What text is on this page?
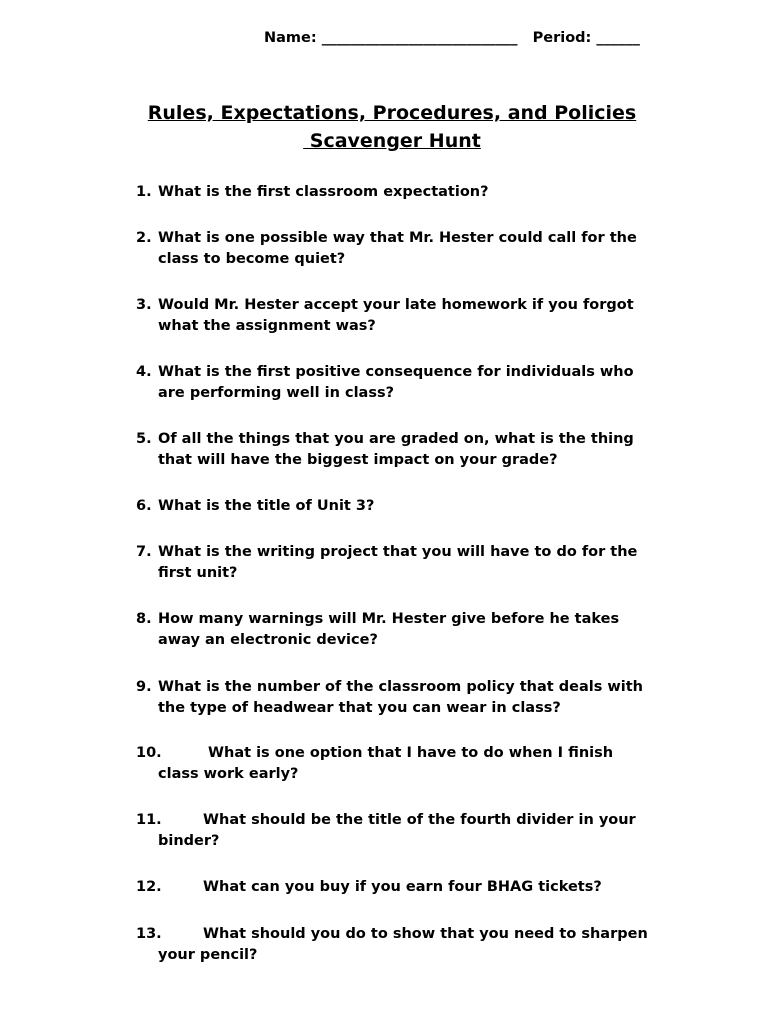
Name: ___________________________ Period: ______
Rules, Expectations, Procedures, and Policies
Scavenger Hunt
1. What is the first classroom expectation?
2. What is one possible way that Mr. Hester could call for the
class to become quiet?
3. Would Mr. Hester accept your late homework if you forgot
what the assignment was?
4. What is the first positive consequence for individuals who
are performing well in class?
5. Of all the things that you are graded on, what is the thing
that will have the biggest impact on your grade?
6. What is the title of Unit 3?
7. What is the writing project that you will have to do for the
first unit?
8. How many warnings will Mr. Hester give before he takes
away an electronic device?
9. What is the number of the classroom policy that deals with
the type of headwear that you can wear in class?
10.	What is one option that I have to do when I finish
class work early?
11.	What should be the title of the fourth divider in your
binder?
12.	What can you buy if you earn four BHAG tickets?
13.	What should you do to show that you need to sharpen
your pencil?
